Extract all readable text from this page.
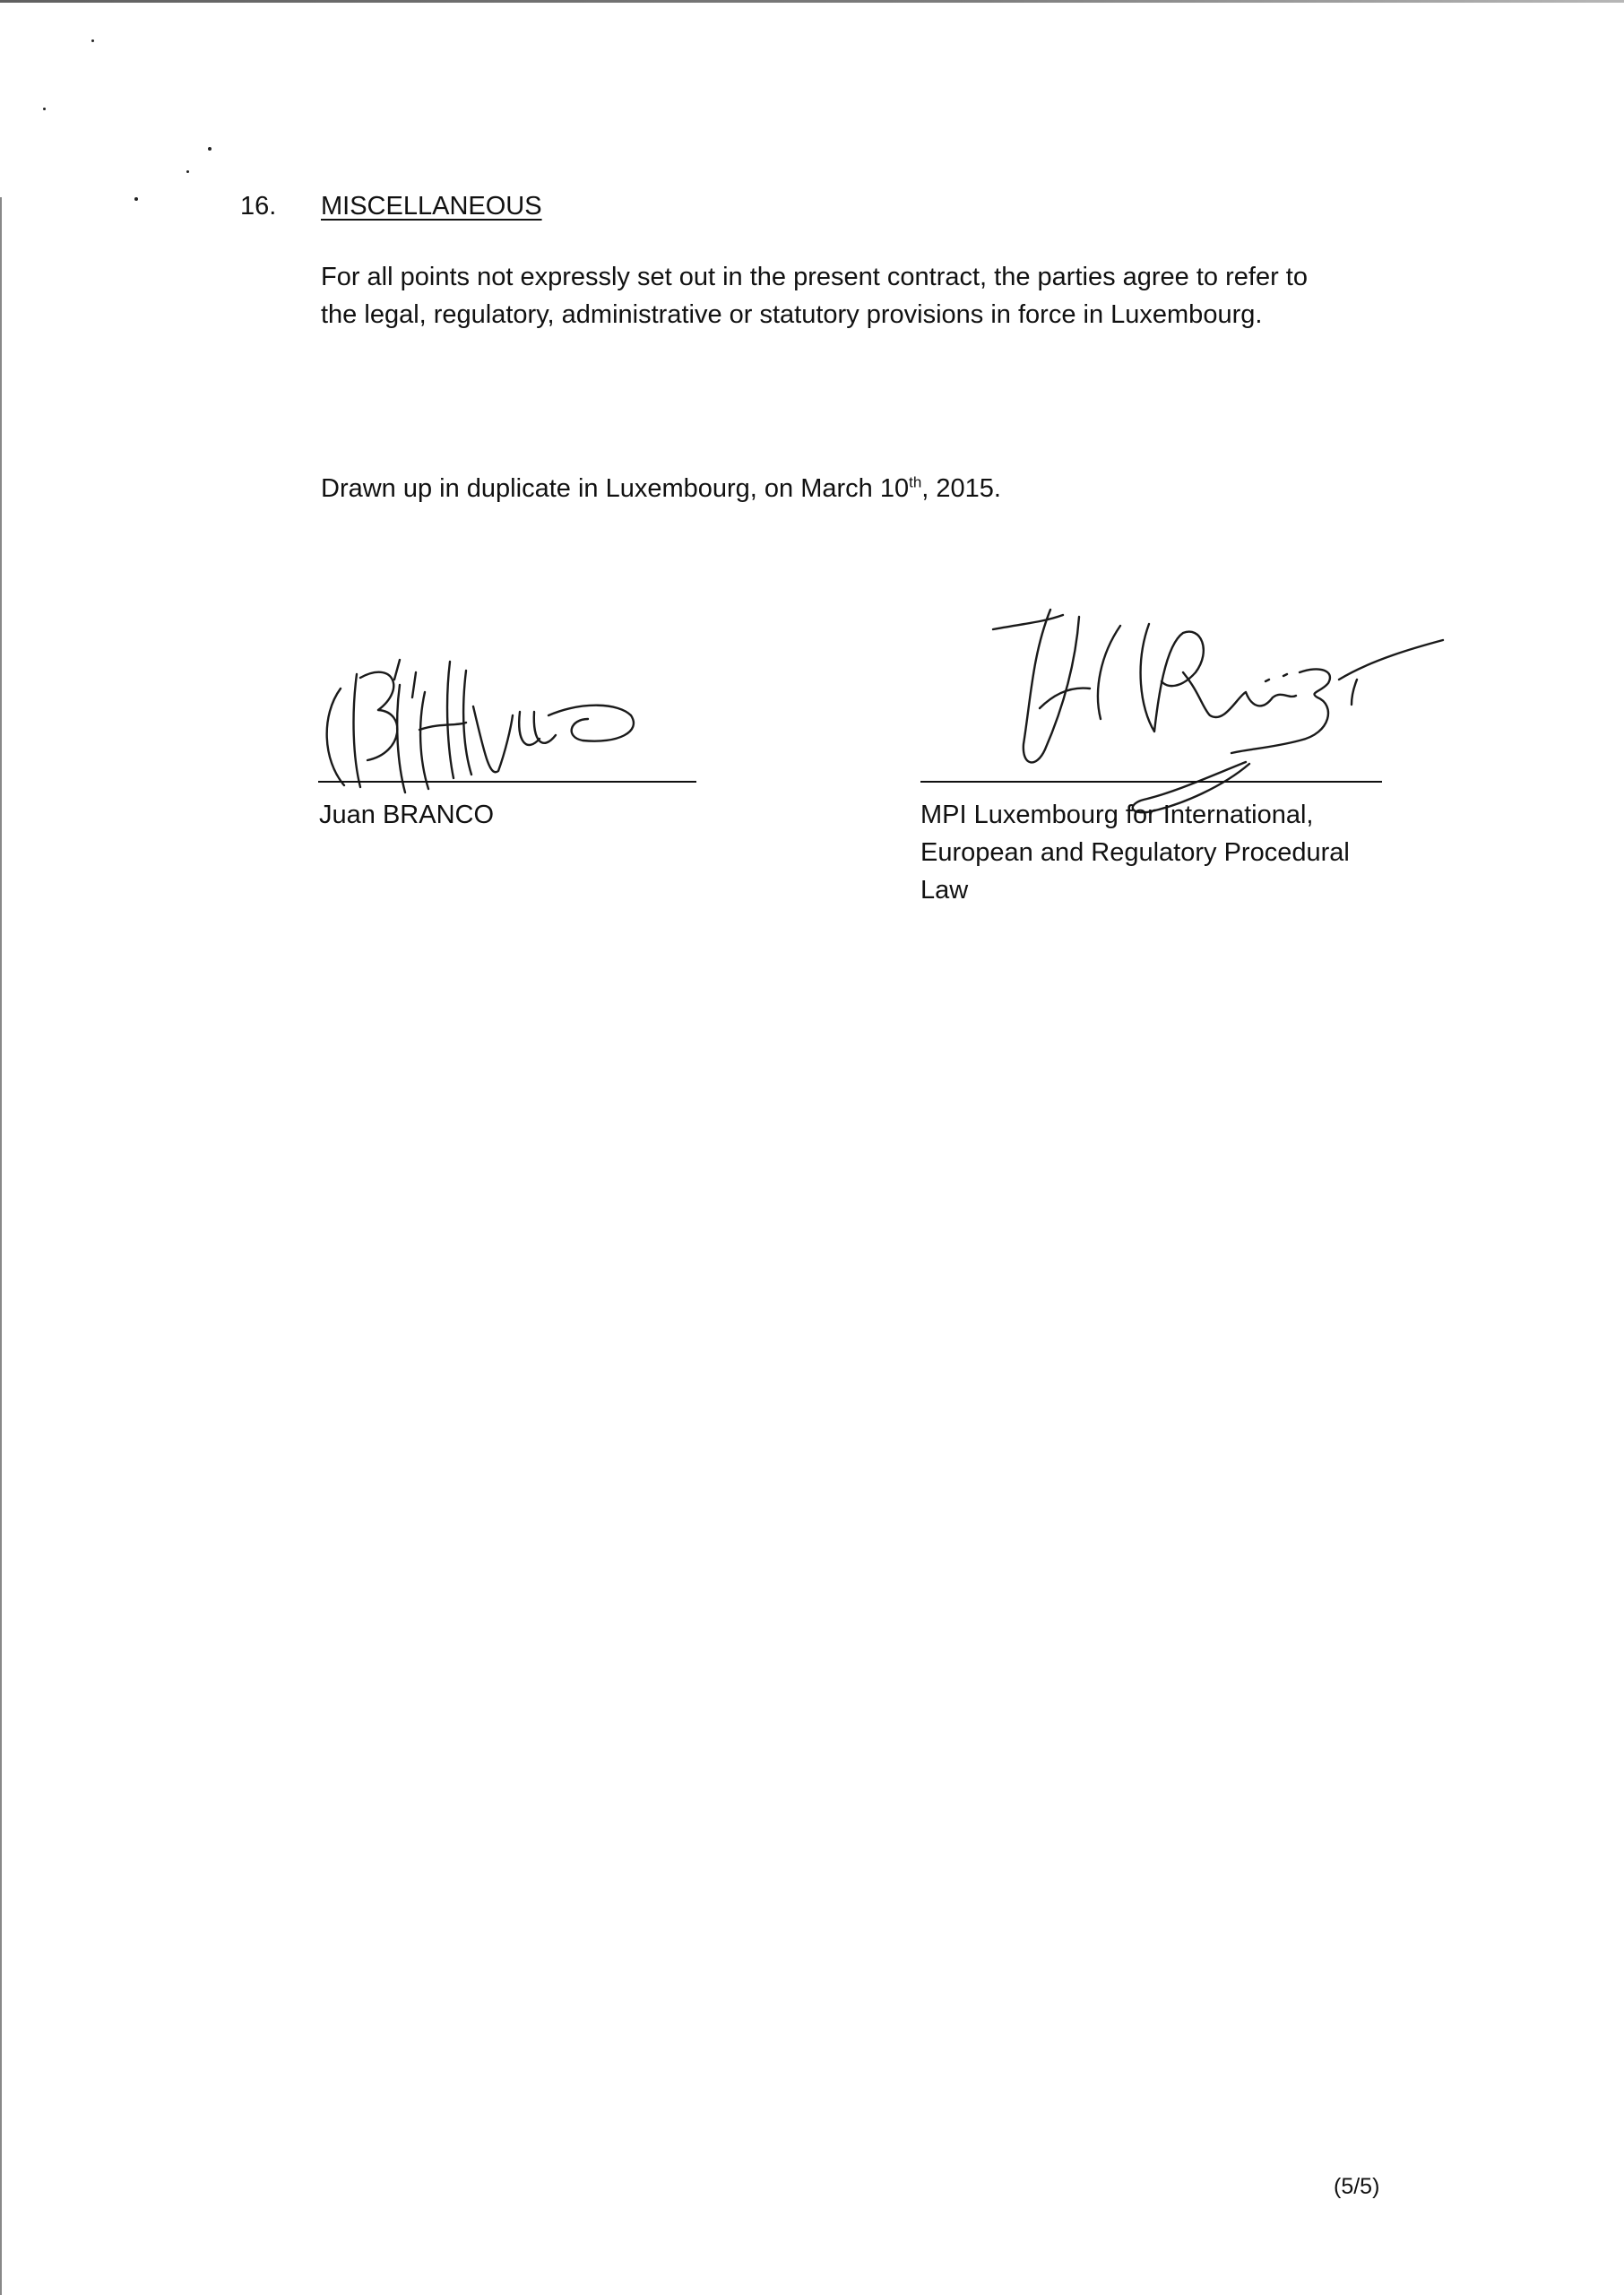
16. MISCELLANEOUS
For all points not expressly set out in the present contract, the parties agree to refer to
the legal, regulatory, administrative or statutory provisions in force in Luxembourg.
Drawn up in duplicate in Luxembourg, on March 10th, 2015.
Juan BRANCO	MPI Luxembourg for International,
European and Regulatory Procedural
Law
(5/5)
